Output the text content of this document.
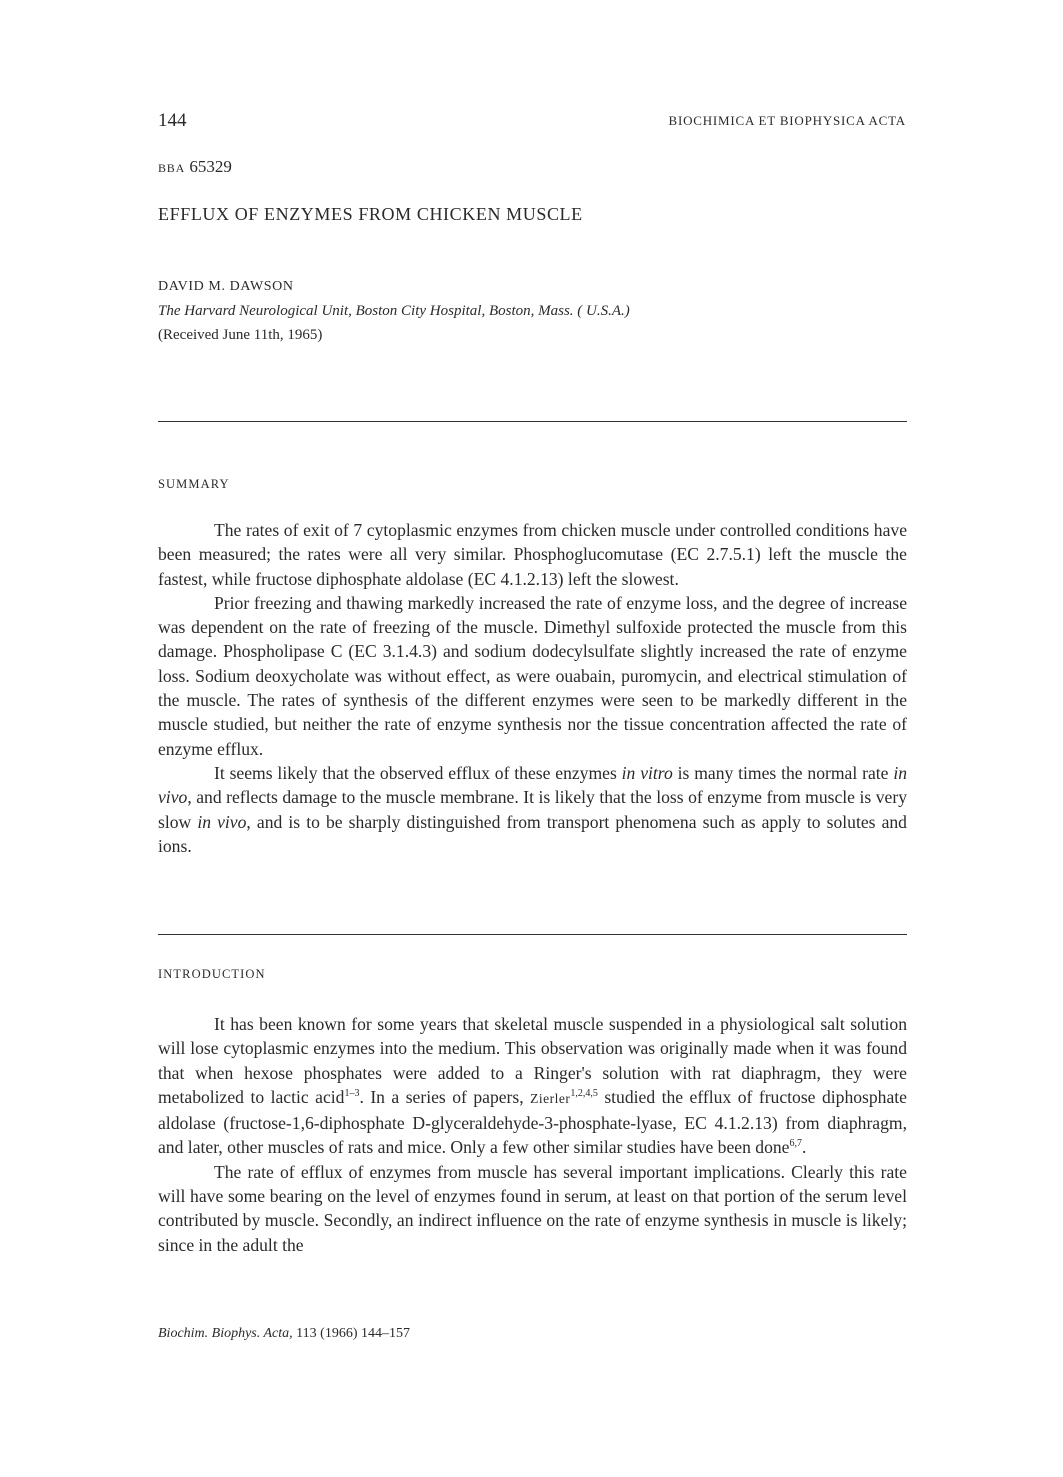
144	BIOCHIMICA ET BIOPHYSICA ACTA
BBA 65329
EFFLUX OF ENZYMES FROM CHICKEN MUSCLE
DAVID M. DAWSON
The Harvard Neurological Unit, Boston City Hospital, Boston, Mass. ( U.S.A.)
(Received June 11th, 1965)
SUMMARY

The rates of exit of 7 cytoplasmic enzymes from chicken muscle under controlled conditions have been measured; the rates were all very similar. Phosphoglucomutase (EC 2.7.5.1) left the muscle the fastest, while fructose diphosphate aldolase (EC 4.1.2.13) left the slowest.

Prior freezing and thawing markedly increased the rate of enzyme loss, and the degree of increase was dependent on the rate of freezing of the muscle. Dimethyl sulfoxide protected the muscle from this damage. Phospholipase C (EC 3.1.4.3) and sodium dodecylsulfate slightly increased the rate of enzyme loss. Sodium deoxycholate was without effect, as were ouabain, puromycin, and electrical stimulation of the muscle. The rates of synthesis of the different enzymes were seen to be markedly different in the muscle studied, but neither the rate of enzyme synthesis nor the tissue concentration affected the rate of enzyme efflux.

It seems likely that the observed efflux of these enzymes in vitro is many times the normal rate in vivo, and reflects damage to the muscle membrane. It is likely that the loss of enzyme from muscle is very slow in vivo, and is to be sharply distinguished from transport phenomena such as apply to solutes and ions.

INTRODUCTION

It has been known for some years that skeletal muscle suspended in a physiological salt solution will lose cytoplasmic enzymes into the medium. This observation was originally made when it was found that when hexose phosphates were added to a Ringer's solution with rat diaphragm, they were metabolized to lactic acid$^{1-3}$. In a series of papers, Zierler$^{1,2,4,5}$ studied the efflux of fructose diphosphate aldolase (fructose-1,6-diphosphate D-glyceraldehyde-3-phosphate-lyase, EC 4.1.2.13) from diaphragm, and later, other muscles of rats and mice. Only a few other similar studies have been done$^{6,7}$.

The rate of efflux of enzymes from muscle has several important implications. Clearly this rate will have some bearing on the level of enzymes found in serum, at least on that portion of the serum level contributed by muscle. Secondly, an indirect influence on the rate of enzyme synthesis in muscle is likely; since in the adult the

Biochim. Biophys. Acta, 113 (1966) 144–157
